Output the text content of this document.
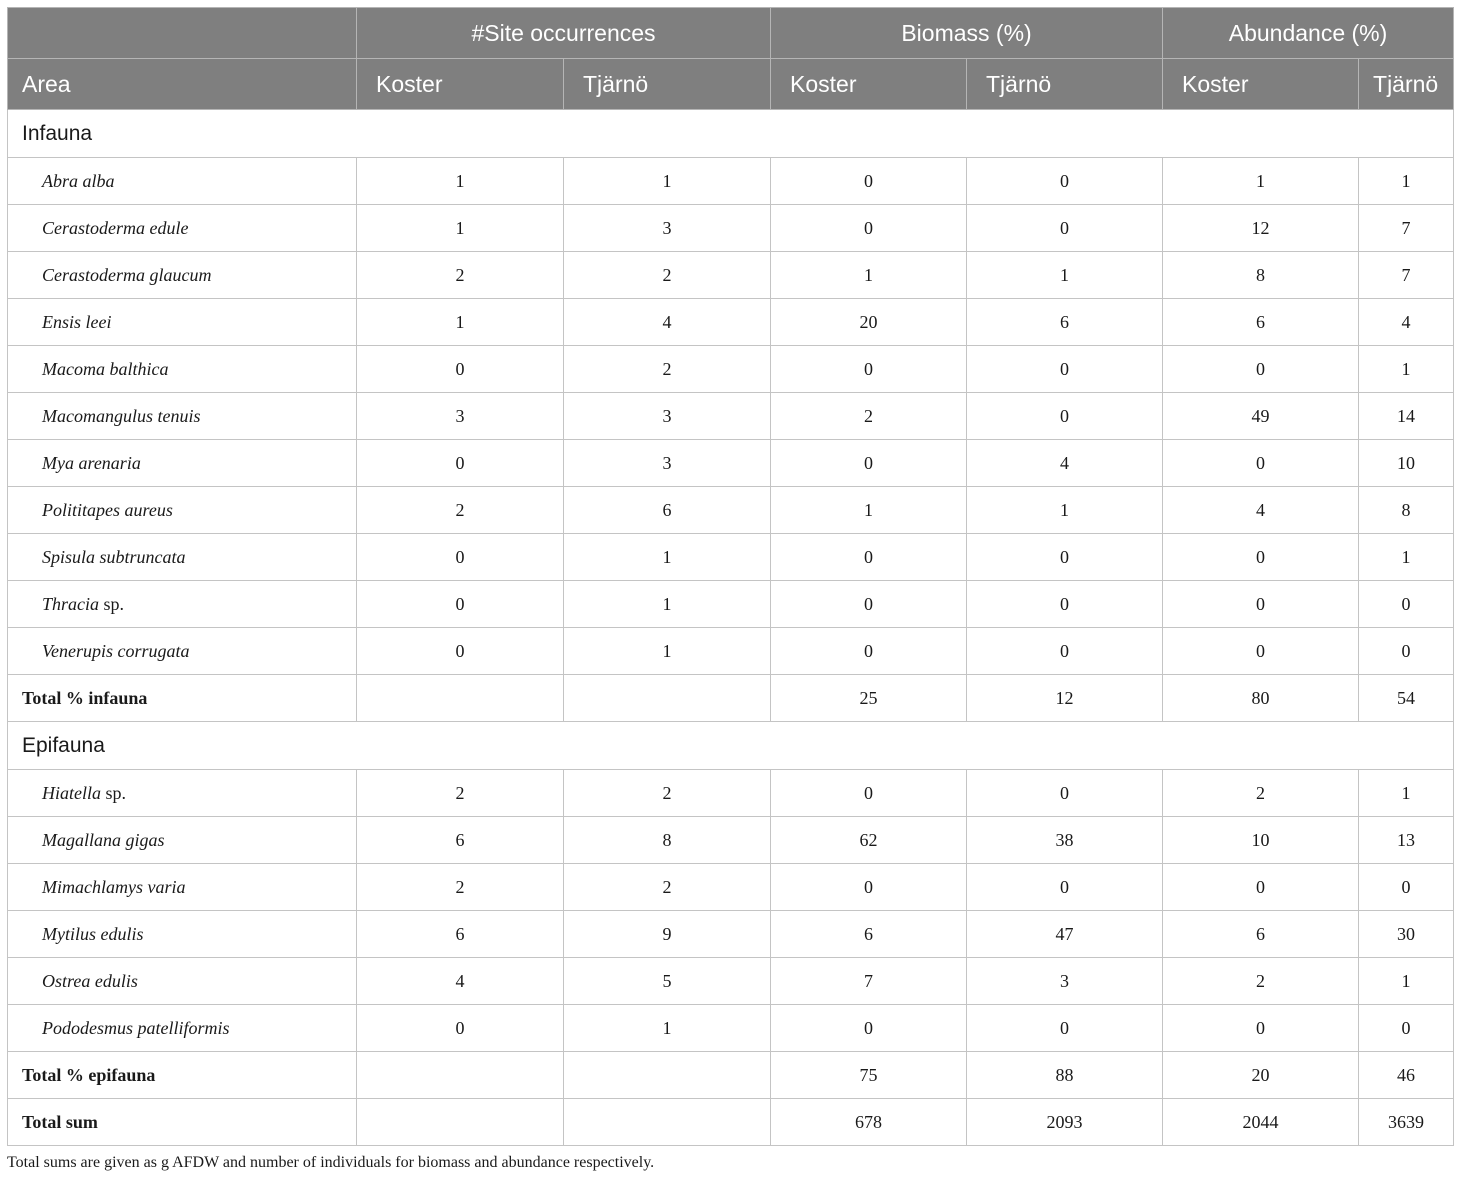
	#Site occurrences		Biomass (%)		Abundance (%)	
Area	Koster	Tjärnö	Koster	Tjärnö	Koster	Tjärnö
Infauna						
Abra alba	1	1	0	0	1	1
Cerastoderma edule	1	3	0	0	12	7
Cerastoderma glaucum	2	2	1	1	8	7
Ensis leei	1	4	20	6	6	4
Macoma balthica	0	2	0	0	0	1
Macomangulus tenuis	3	3	2	0	49	14
Mya arenaria	0	3	0	4	0	10
Polititapes aureus	2	6	1	1	4	8
Spisula subtruncata	0	1	0	0	0	1
Thracia sp.	0	1	0	0	0	0
Venerupis corrugata	0	1	0	0	0	0
Total % infauna			25	12	80	54
Epifauna						
Hiatella sp.	2	2	0	0	2	1
Magallana gigas	6	8	62	38	10	13
Mimachlamys varia	2	2	0	0	0	0
Mytilus edulis	6	9	6	47	6	30
Ostrea edulis	4	5	7	3	2	1
Pododesmus patelliformis	0	1	0	0	0	0
Total % epifauna			75	88	20	46
Total sum			678	2093	2044	3639
Total sums are given as g AFDW and number of individuals for biomass and abundance respectively.
